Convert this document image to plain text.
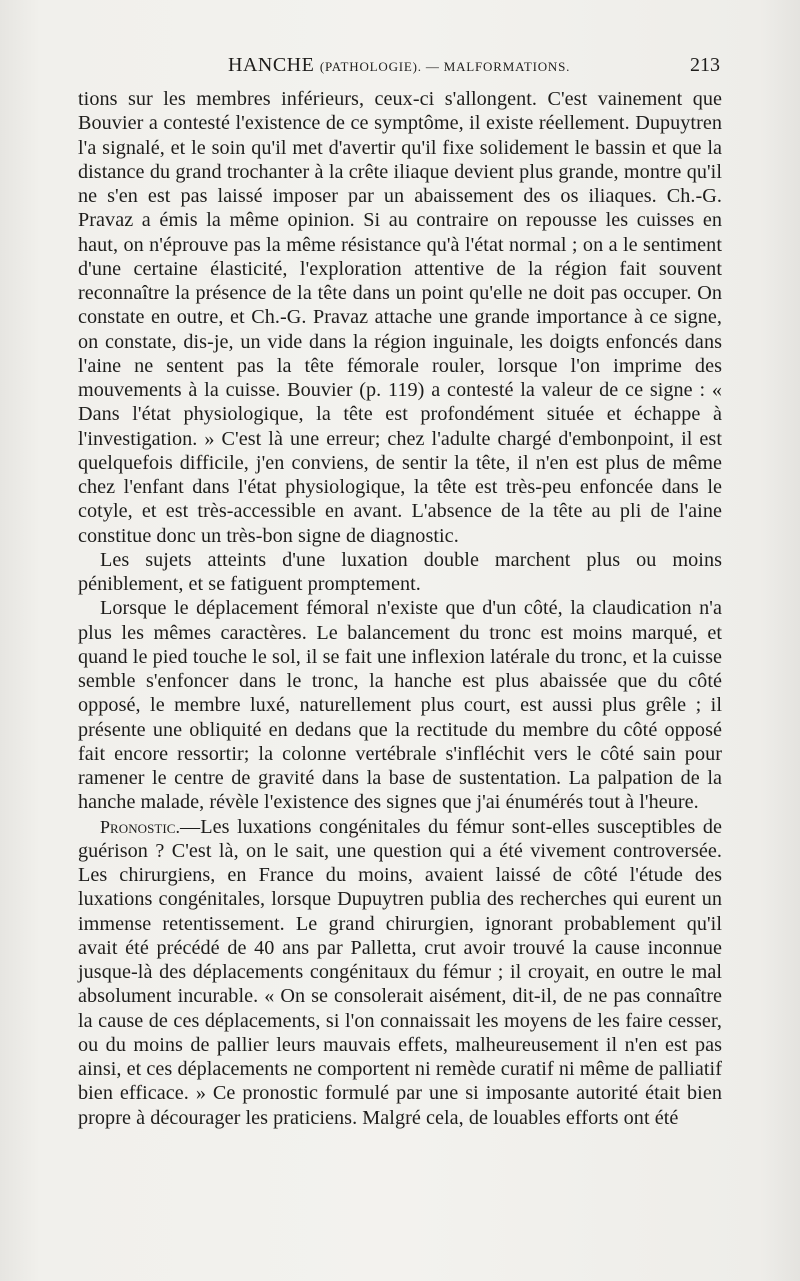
HANCHE (PATHOLOGIE). — MALFORMATIONS.	213

tions sur les membres inférieurs, ceux-ci s'allongent. C'est vainement que Bouvier a contesté l'existence de ce symptôme, il existe réellement. Dupuytren l'a signalé, et le soin qu'il met d'avertir qu'il fixe solidement le bassin et que la distance du grand trochanter à la crête iliaque devient plus grande, montre qu'il ne s'en est pas laissé imposer par un abaissement des os iliaques. Ch.-G. Pravaz a émis la même opinion. Si au contraire on repousse les cuisses en haut, on n'éprouve pas la même résistance qu'à l'état normal ; on a le sentiment d'une certaine élasticité, l'exploration attentive de la région fait souvent reconnaître la présence de la tête dans un point qu'elle ne doit pas occuper. On constate en outre, et Ch.-G. Pravaz attache une grande importance à ce signe, on constate, dis-je, un vide dans la région inguinale, les doigts enfoncés dans l'aine ne sentent pas la tête fémorale rouler, lorsque l'on imprime des mouvements à la cuisse. Bouvier (p. 119) a contesté la valeur de ce signe : « Dans l'état physiologique, la tête est profondément située et échappe à l'investigation. » C'est là une erreur; chez l'adulte chargé d'embonpoint, il est quelquefois difficile, j'en conviens, de sentir la tête, il n'en est plus de même chez l'enfant dans l'état physiologique, la tête est très-peu enfoncée dans le cotyle, et est très-accessible en avant. L'absence de la tête au pli de l'aine constitue donc un très-bon signe de diagnostic.

Les sujets atteints d'une luxation double marchent plus ou moins péniblement, et se fatiguent promptement.

Lorsque le déplacement fémoral n'existe que d'un côté, la claudication n'a plus les mêmes caractères. Le balancement du tronc est moins marqué, et quand le pied touche le sol, il se fait une inflexion latérale du tronc, et la cuisse semble s'enfoncer dans le tronc, la hanche est plus abaissée que du côté opposé, le membre luxé, naturellement plus court, est aussi plus grêle ; il présente une obliquité en dedans que la rectitude du membre du côté opposé fait encore ressortir; la colonne vertébrale s'infléchit vers le côté sain pour ramener le centre de gravité dans la base de sustentation. La palpation de la hanche malade, révèle l'existence des signes que j'ai énumérés tout à l'heure.

Pronostic.—Les luxations congénitales du fémur sont-elles susceptibles de guérison ? C'est là, on le sait, une question qui a été vivement controversée. Les chirurgiens, en France du moins, avaient laissé de côté l'étude des luxations congénitales, lorsque Dupuytren publia des recherches qui eurent un immense retentissement. Le grand chirurgien, ignorant probablement qu'il avait été précédé de 40 ans par Palletta, crut avoir trouvé la cause inconnue jusque-là des déplacements congénitaux du fémur ; il croyait, en outre le mal absolument incurable. « On se consolerait aisément, dit-il, de ne pas connaître la cause de ces déplacements, si l'on connaissait les moyens de les faire cesser, ou du moins de pallier leurs mauvais effets, malheureusement il n'en est pas ainsi, et ces déplacements ne comportent ni remède curatif ni même de palliatif bien efficace. » Ce pronostic formulé par une si imposante autorité était bien propre à décourager les praticiens. Malgré cela, de louables efforts ont été
